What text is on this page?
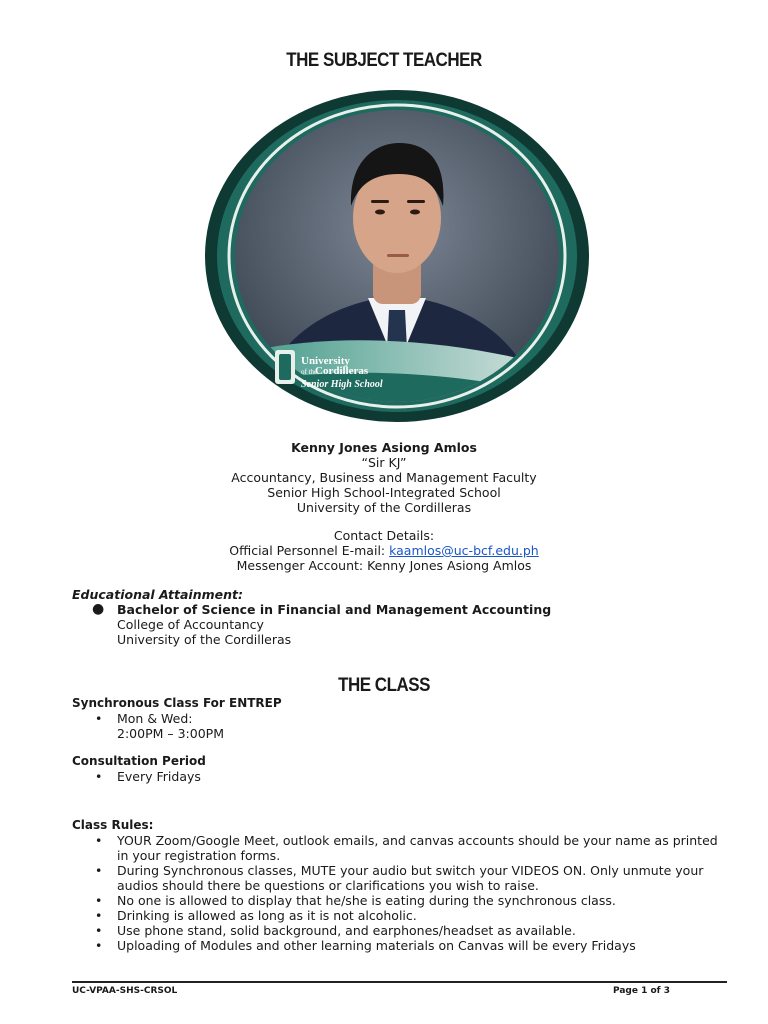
THE SUBJECT TEACHER
University
of the
Cordilleras
Senior High School
Kenny Jones Asiong Amlos
“Sir KJ”
Accountancy, Business and Management Faculty
Senior High School-Integrated School
University of the Cordilleras
Contact Details:
Official Personnel E-mail: kaamlos@uc-bcf.edu.ph
Messenger Account: Kenny Jones Asiong Amlos
Educational Attainment:
● Bachelor of Science in Financial and Management Accounting
College of Accountancy
University of the Cordilleras
THE CLASS
Synchronous Class For ENTREP
• Mon & Wed:
2:00PM – 3:00PM
Consultation Period
• Every Fridays
Class Rules:
• YOUR Zoom/Google Meet, outlook emails, and canvas accounts should be your name as printed in your registration forms.
• During Synchronous classes, MUTE your audio but switch your VIDEOS ON. Only unmute your audios should there be questions or clarifications you wish to raise.
• No one is allowed to display that he/she is eating during the synchronous class.
• Drinking is allowed as long as it is not alcoholic.
• Use phone stand, solid background, and earphones/headset as available.
• Uploading of Modules and other learning materials on Canvas will be every Fridays
UC-VPAA-SHS-CRSOL	Page 1 of 3
